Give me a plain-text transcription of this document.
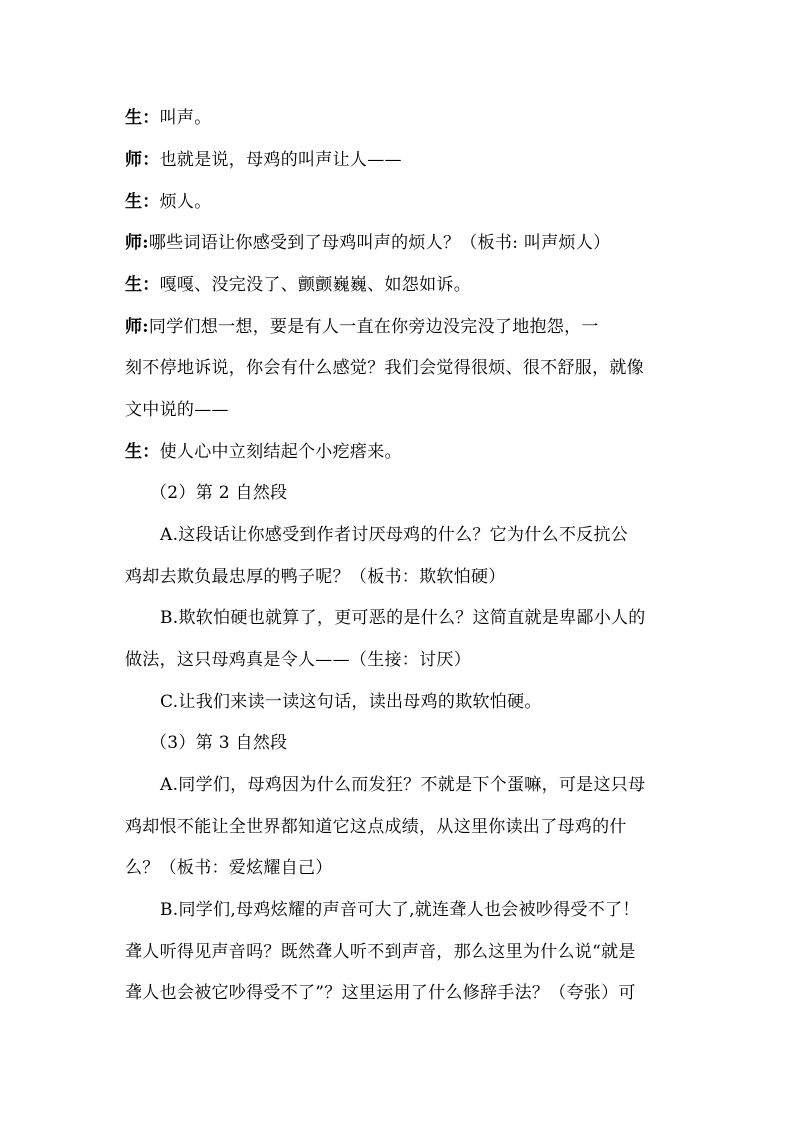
生：叫声。
师：也就是说，母鸡的叫声让人——
生：烦人。
师:哪些词语让你感受到了母鸡叫声的烦人？（板书: 叫声烦人）
生：嘎嘎、没完没了、颤颤巍巍、如怨如诉。
师:同学们想一想，要是有人一直在你旁边没完没了地抱怨，一
刻不停地诉说，你会有什么感觉？我们会觉得很烦、很不舒服，就像
文中说的——
生：使人心中立刻结起个小疙瘩来。
（2）第 2 自然段
A.这段话让你感受到作者讨厌母鸡的什么？它为什么不反抗公
鸡却去欺负最忠厚的鸭子呢？（板书：欺软怕硬）
B.欺软怕硬也就算了，更可恶的是什么？这简直就是卑鄙小人的
做法，这只母鸡真是令人——（生接：讨厌）
C.让我们来读一读这句话，读出母鸡的欺软怕硬。
（3）第 3 自然段
A.同学们，母鸡因为什么而发狂？不就是下个蛋嘛，可是这只母
鸡却恨不能让全世界都知道它这点成绩，从这里你读出了母鸡的什
么？（板书：爱炫耀自己）
B.同学们,母鸡炫耀的声音可大了,就连聋人也会被吵得受不了！
聋人听得见声音吗？既然聋人听不到声音，那么这里为什么说“就是
聋人也会被它吵得受不了”？这里运用了什么修辞手法？（夸张）可
